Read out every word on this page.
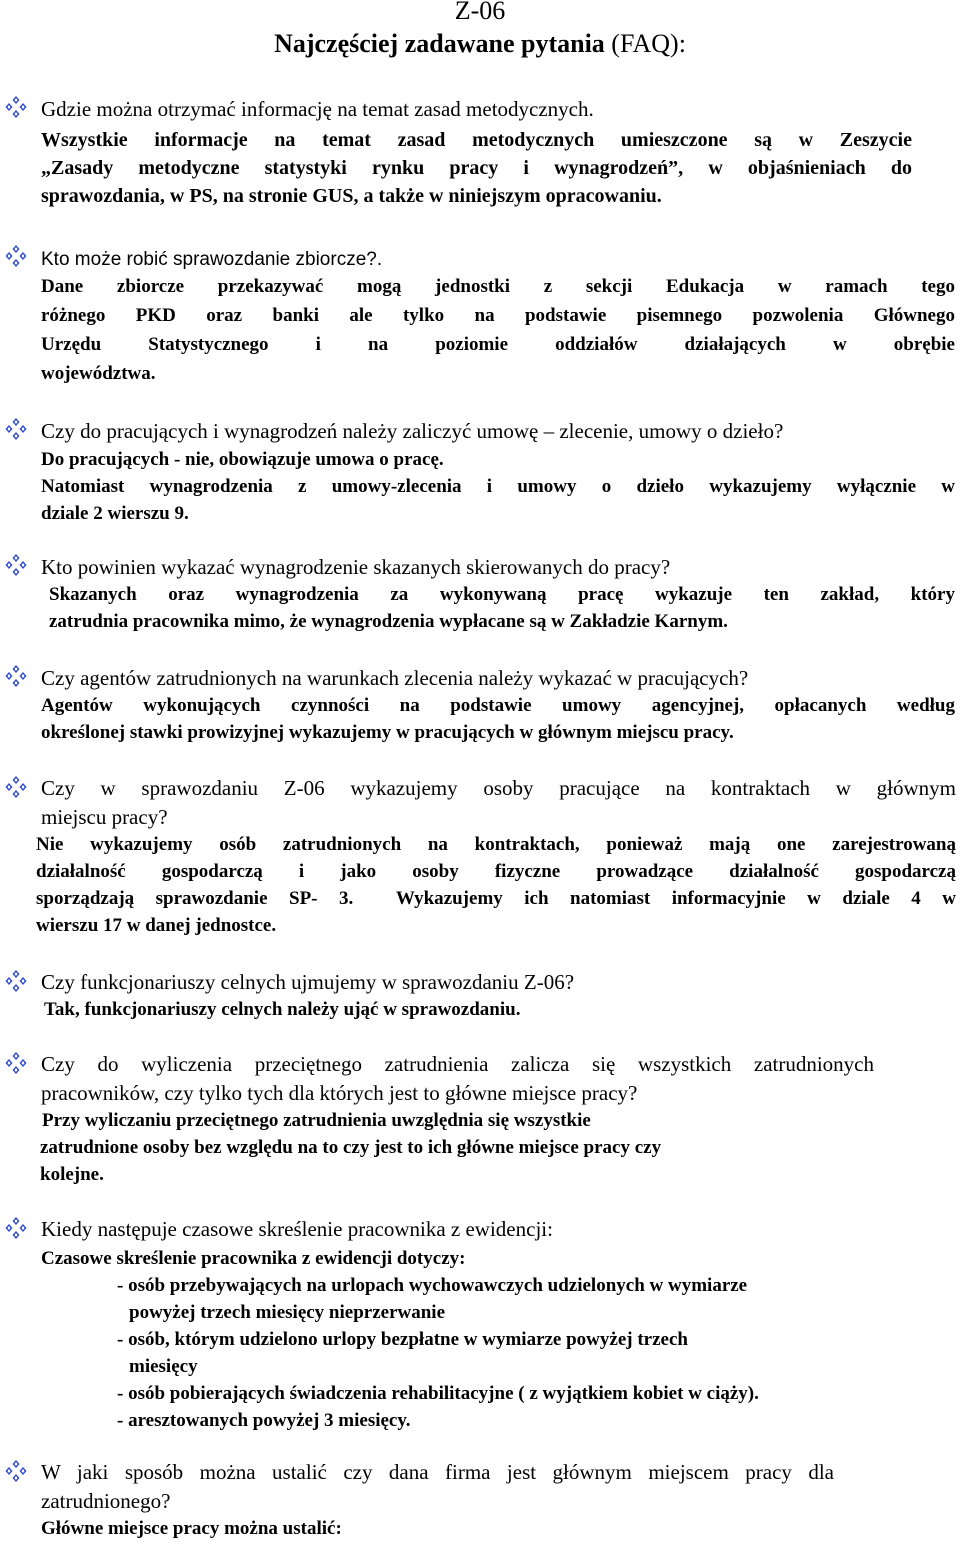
Z-06
Najczęściej zadawane pytania (FAQ):
Gdzie można otrzymać informację na temat zasad metodycznych.
Wszystkie informacje na temat zasad metodycznych umieszczone są w Zeszycie
„Zasady metodyczne statystyki rynku pracy i wynagrodzeń”, w objaśnieniach do
sprawozdania, w PS, na stronie GUS, a także w niniejszym opracowaniu.
Kto może robić sprawozdanie zbiorcze?.
Dane zbiorcze przekazywać mogą jednostki z sekcji Edukacja w ramach tego
różnego PKD oraz banki ale tylko na podstawie pisemnego pozwolenia Głównego
Urzędu Statystycznego i na poziomie oddziałów działających w obrębie
województwa.
Czy do pracujących i wynagrodzeń należy zaliczyć umowę – zlecenie, umowy o dzieło?
Do pracujących - nie, obowiązuje umowa o pracę.
Natomiast wynagrodzenia z umowy-zlecenia i umowy o dzieło wykazujemy wyłącznie w
dziale 2 wierszu 9.
Kto powinien wykazać wynagrodzenie skazanych skierowanych do pracy?
Skazanych oraz wynagrodzenia za wykonywaną pracę wykazuje ten zakład, który
zatrudnia pracownika mimo, że wynagrodzenia wypłacane są w Zakładzie Karnym.
Czy agentów zatrudnionych na warunkach zlecenia należy wykazać w pracujących?
Agentów wykonujących czynności na podstawie umowy agencyjnej, opłacanych według
określonej stawki prowizyjnej wykazujemy w pracujących w głównym miejscu pracy.
Czy w sprawozdaniu Z-06 wykazujemy osoby pracujące na kontraktach w głównym
miejscu pracy?
Nie wykazujemy osób zatrudnionych na kontraktach, ponieważ mają one zarejestrowaną
działalność gospodarczą i jako osoby fizyczne prowadzące działalność gospodarczą
sporządzają sprawozdanie SP- 3.  Wykazujemy ich natomiast informacyjnie w dziale 4 w
wierszu 17 w danej jednostce.
Czy funkcjonariuszy celnych ujmujemy w sprawozdaniu Z-06?
Tak, funkcjonariuszy celnych należy ująć w sprawozdaniu.
Czy do wyliczenia przeciętnego zatrudnienia zalicza się wszystkich zatrudnionych
pracowników, czy tylko tych dla których jest to główne miejsce pracy?
Przy wyliczaniu przeciętnego zatrudnienia uwzględnia się wszystkie
zatrudnione osoby bez względu na to czy jest to ich główne miejsce pracy czy
kolejne.
Kiedy następuje czasowe skreślenie pracownika z ewidencji:
Czasowe skreślenie pracownika z ewidencji dotyczy:
- osób przebywających na urlopach wychowawczych udzielonych w wymiarze
powyżej trzech miesięcy nieprzerwanie
- osób, którym udzielono urlopy bezpłatne w wymiarze powyżej trzech
miesięcy
- osób pobierających świadczenia rehabilitacyjne ( z wyjątkiem kobiet w ciąży).
- aresztowanych powyżej 3 miesięcy.
W jaki sposób można ustalić czy dana firma jest głównym miejscem pracy dla
zatrudnionego?
Główne miejsce pracy można ustalić:
